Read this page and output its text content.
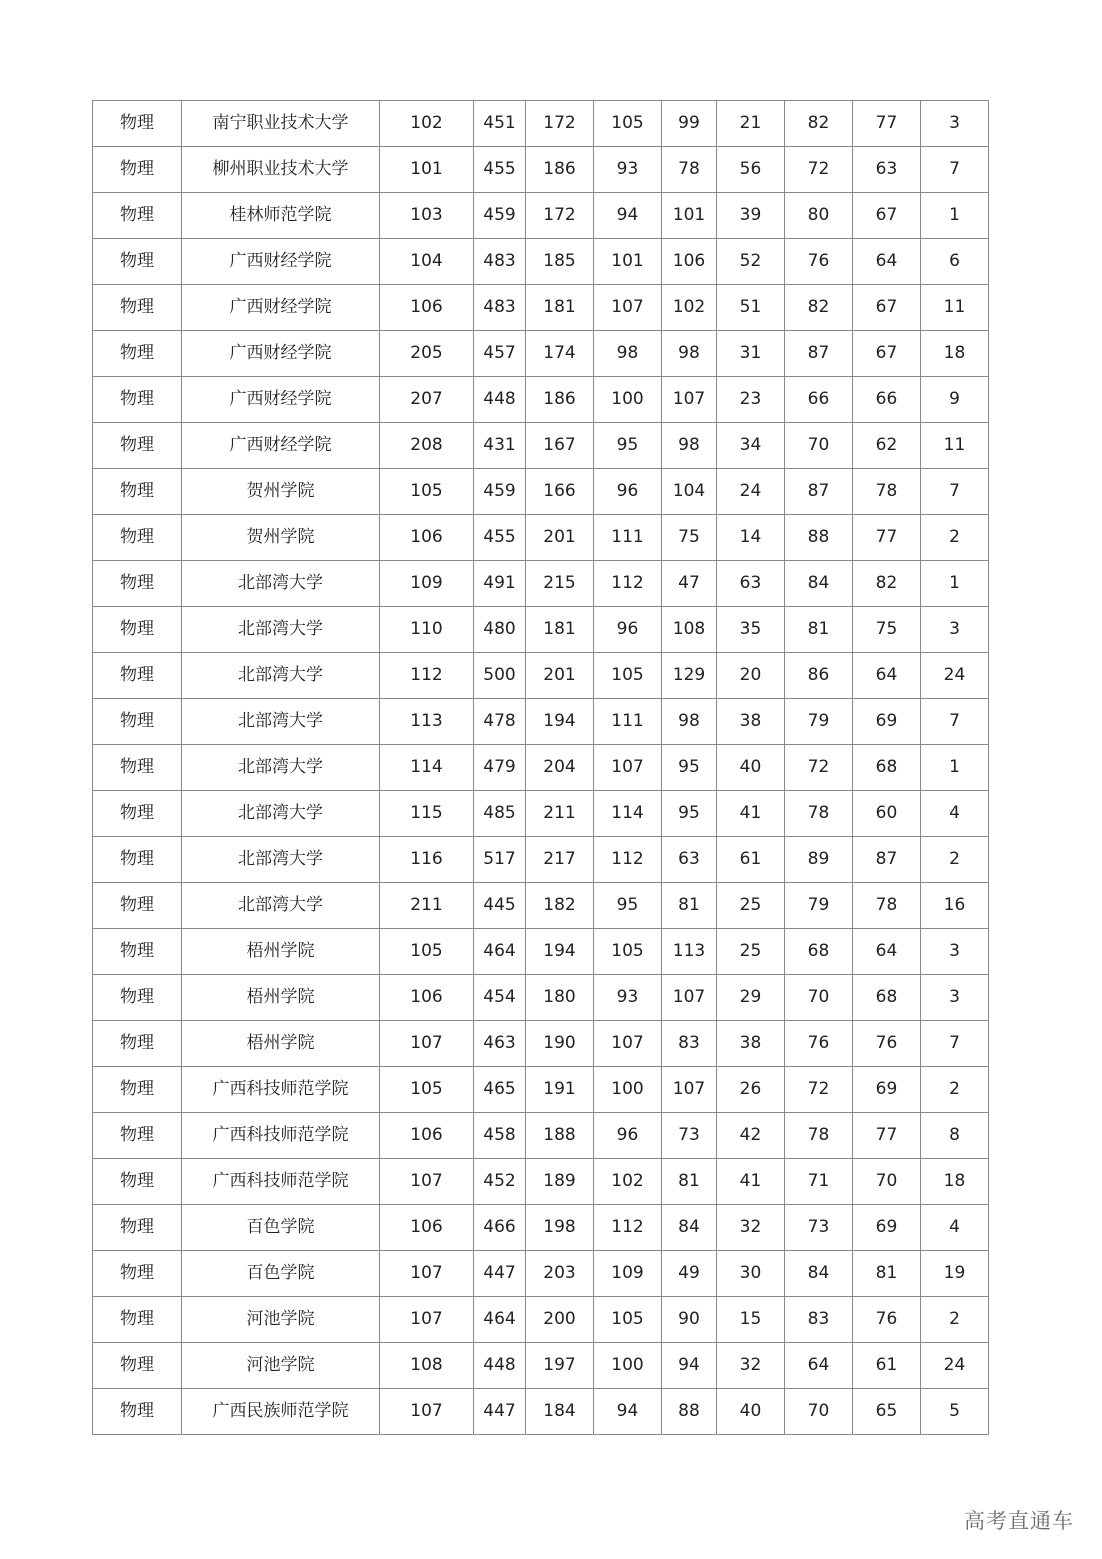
物理	南宁职业技术大学	102	451	172	105	99	21	82	77	3
物理	柳州职业技术大学	101	455	186	93	78	56	72	63	7
物理	桂林师范学院	103	459	172	94	101	39	80	67	1
物理	广西财经学院	104	483	185	101	106	52	76	64	6
物理	广西财经学院	106	483	181	107	102	51	82	67	11
物理	广西财经学院	205	457	174	98	98	31	87	67	18
物理	广西财经学院	207	448	186	100	107	23	66	66	9
物理	广西财经学院	208	431	167	95	98	34	70	62	11
物理	贺州学院	105	459	166	96	104	24	87	78	7
物理	贺州学院	106	455	201	111	75	14	88	77	2
物理	北部湾大学	109	491	215	112	47	63	84	82	1
物理	北部湾大学	110	480	181	96	108	35	81	75	3
物理	北部湾大学	112	500	201	105	129	20	86	64	24
物理	北部湾大学	113	478	194	111	98	38	79	69	7
物理	北部湾大学	114	479	204	107	95	40	72	68	1
物理	北部湾大学	115	485	211	114	95	41	78	60	4
物理	北部湾大学	116	517	217	112	63	61	89	87	2
物理	北部湾大学	211	445	182	95	81	25	79	78	16
物理	梧州学院	105	464	194	105	113	25	68	64	3
物理	梧州学院	106	454	180	93	107	29	70	68	3
物理	梧州学院	107	463	190	107	83	38	76	76	7
物理	广西科技师范学院	105	465	191	100	107	26	72	69	2
物理	广西科技师范学院	106	458	188	96	73	42	78	77	8
物理	广西科技师范学院	107	452	189	102	81	41	71	70	18
物理	百色学院	106	466	198	112	84	32	73	69	4
物理	百色学院	107	447	203	109	49	30	84	81	19
物理	河池学院	107	464	200	105	90	15	83	76	2
物理	河池学院	108	448	197	100	94	32	64	61	24
物理	广西民族师范学院	107	447	184	94	88	40	70	65	5
高考直通车
